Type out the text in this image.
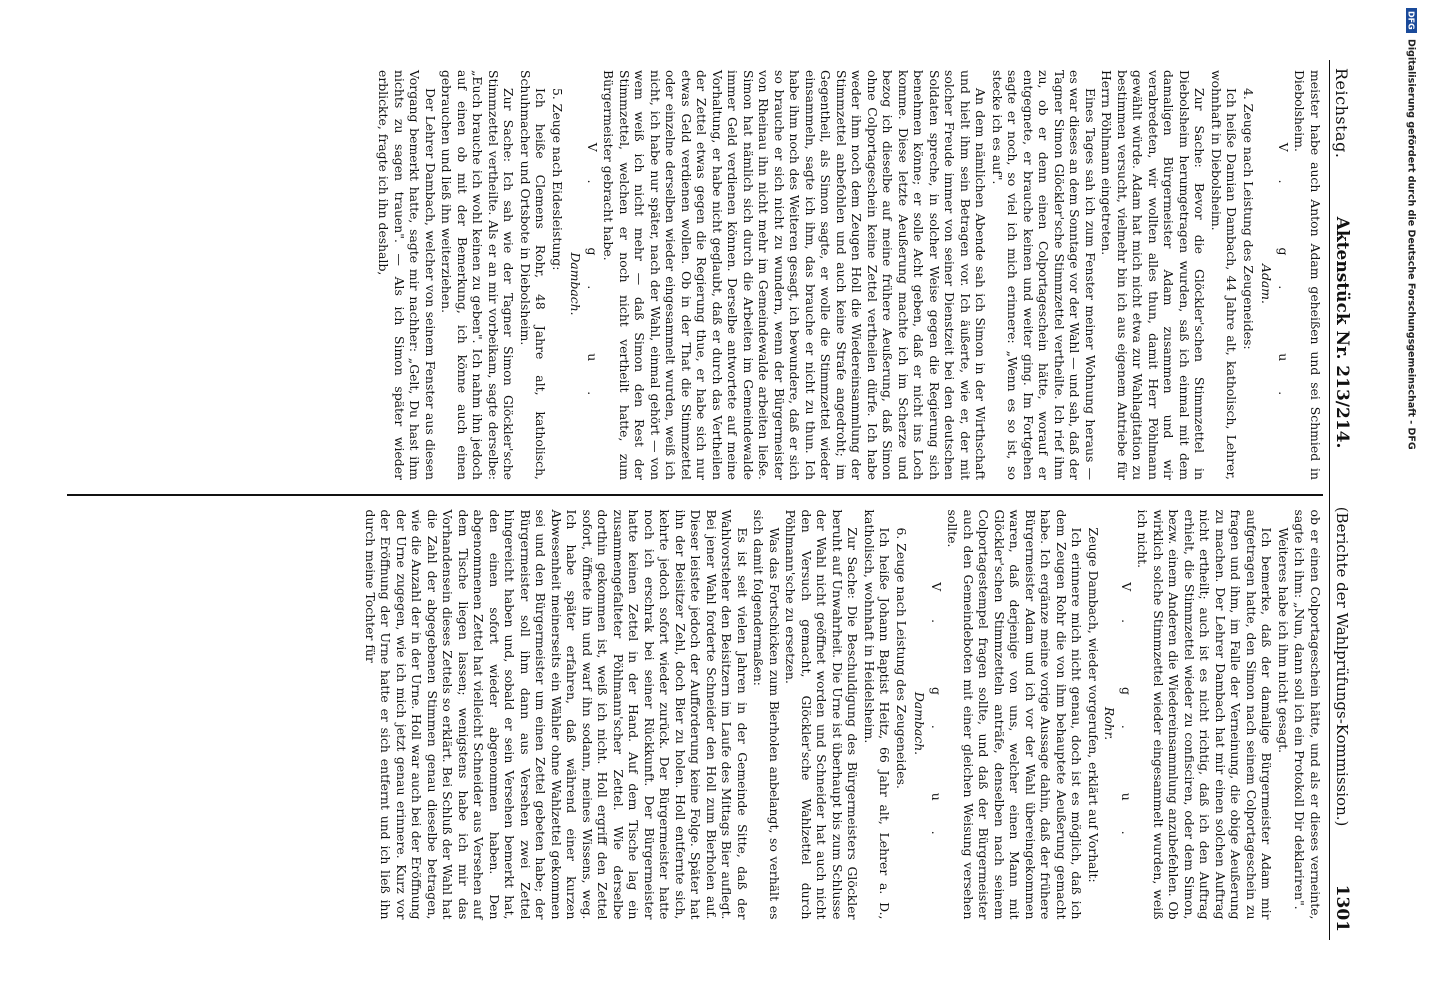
DFG
Digitalisierung gefördert durch die Deutsche Forschungsgemeinschaft - DFG
Reichstag.
Aktenstück Nr. 213/214.
(Berichte der Wahlprüfungs-Kommission.)
1301

meister habe auch Anton Adam geheißen und sei Schmied in Diebolsheim.

V. g. u.

Adam.

4. Zeuge nach Leistung des Zeugeneides:

Ich heiße Damian Dambach, 44 Jahre alt, katholisch, Lehrer, wohnhaft in Diebolsheim.

Zur Sache: Bevor die Glöckler'schen Stimmzettel in Diebolsheim herumgetragen wurden, saß ich einmal mit dem damaligen Bürgermeister Adam zusammen und wir verabredeten, wir wollten alles thun, damit Herr Pöhlmann gewählt würde. Adam hat mich nicht etwa zur Wahlagitation zu bestimmen versucht, vielmehr bin ich aus eigenem Antriebe für Herrn Pöhlmann eingetreten.

Eines Tages sah ich zum Fenster meiner Wohnung heraus — es war dieses an dem Sonntage vor der Wahl — und sah, daß der Tagner Simon Glöckler'sche Stimmzettel vertheilte. Ich rief ihm zu, ob er denn einen Colportageschein hätte, worauf er entgegnete, er brauche keinen und weiter ging. Im Fortgehen sagte er noch, so viel ich mich erinnere: „Wenn es so ist, so stecke ich es auf".

An dem nämlichen Abende sah ich Simon in der Wirthschaft und hielt ihm sein Betragen vor. Ich äußerte, wie er, der mit solcher Freude immer von seiner Dienstzeit bei den deutschen Soldaten spreche, in solcher Weise gegen die Regierung sich benehmen könne; er solle Acht geben, daß er nicht ins Loch komme. Diese letzte Aeußerung machte ich im Scherze und bezog ich dieselbe auf meine frühere Aeußerung, daß Simon ohne Colportageschein keine Zettel vertheilen dürfe. Ich habe weder ihm noch dem Zeugen Holl die Wiedereinsammlung der Stimmzettel anbefohlen und auch keine Strafe angedroht; im Gegentheil, als Simon sagte, er wolle die Stimmzettel wieder einsammeln, sagte ich ihm, das brauche er nicht zu thun. Ich habe ihm noch des Weiteren gesagt, ich bewundere, daß er sich so brauche er sich nicht zu wundern, wenn der Bürgermeister von Rheinau ihn nicht mehr im Gemeindewalde arbeiten ließe. Simon hat nämlich sich durch die Arbeiten im Gemeindewalde immer Geld verdienen können. Derselbe antwortete auf meine Vorhaltung, er habe nicht geglaubt, daß er durch das Vertheilen der Zettel etwas gegen die Regierung thue, er habe sich nur etwas Geld verdienen wollen. Ob in der That die Stimmzettel oder einzelne derselben wieder eingesammelt wurden, weiß ich nicht, ich habe nur später, nach der Wahl, einmal gehört — von wem weiß ich nicht mehr — daß Simon den Rest der Stimmzettel, welchen er noch nicht vertheilt hatte, zum Bürgermeister gebracht habe.

V. g. u.

Dambach.

5. Zeuge nach Eidesleistung:

Ich heiße Clemens Rohr, 48 Jahre alt, katholisch, Schuhmacher und Ortsbote in Diebolsheim.

Zur Sache: Ich sah wie der Tagner Simon Glöckler'sche Stimmzettel vertheilte. Als er an mir vorbeikam, sagte derselbe: „Euch brauche ich wohl keinen zu geben". Ich nahm ihn jedoch auf einen ob mit der Bemerkung, ich könne auch einen gebrauchen und ließ ihn weiterziehen.

Der Lehrer Dambach, welcher von seinem Fenster aus diesen Vorgang bemerkt hatte, sagte mir nachher: „Gelt, Du hast ihm nichts zu sagen trauen". — Als ich Simon später wieder erblickte, fragte ich ihn deshalb,

ob er einen Colportageschein hätte, und als er dieses verneinte, sagte ich ihm: „Nun, dann soll ich ein Protokoll Dir deklariren".

Weiteres habe ich ihm nicht gesagt.

Ich bemerke, daß der damalige Bürgermeister Adam mir aufgetragen hatte, den Simon nach seinem Colportageschein zu fragen und ihm, im Falle der Verneinung, die obige Aeußerung zu machen. Der Lehrer Dambach hat mir einen solchen Auftrag nicht ertheilt; auch ist es nicht richtig, daß ich den Auftrag erhielt, die Stimmzettel wieder zu confisciren, oder dem Simon, bezw. einem Anderen die Wiedereinsammlung anzubefehlen. Ob wirklich solche Stimmzettel wieder eingesammelt wurden, weiß ich nicht.

V. g. u.

Rohr.

Zeuge Dambach, wieder vorgerufen, erklärt auf Vorhalt:

Ich erinnere mich nicht genau, doch ist es möglich, daß ich dem Zeugen Rohr die von ihm behauptete Aeußerung gemacht habe. Ich ergänze meine vorige Aussage dahin, daß der frühere Bürgermeister Adam und ich vor der Wahl übereingekommen waren, daß derjenige von uns, welcher einen Mann mit Glöckler'schen Stimmzetteln anträfe, denselben nach seinem Colportagestempel fragen sollte, und daß der Bürgermeister auch den Gemeindeboten mit einer gleichen Weisung versehen sollte.

V. g. u.

Dambach.

6. Zeuge nach Leistung des Zeugeneides.

Ich heiße Johann Baptist Heitz, 66 Jahr alt, Lehrer a. D., katholisch, wohnhaft in Heidelsheim.

Zur Sache: Die Beschuldigung des Bürgermeisters Glöckler beruht auf Unwahrheit. Die Urne ist überhaupt bis zum Schlusse der Wahl nicht geöffnet worden und Schneider hat auch nicht den Versuch gemacht, Glöckler'sche Wahlzettel durch Pöhlmann'sche zu ersetzen.

Was das Fortschicken zum Bierholen anbelangt, so verhält es sich damit folgendermaßen:

Es ist seit vielen Jahren in der Gemeinde Sitte, daß der Wahlvorsteher den Beisitzern im Laufe des Mittags Bier auflegt. Bei jener Wahl forderte Schneider den Holl zum Bierholen auf. Dieser leistete jedoch der Aufforderung keine Folge. Später hat ihn der Beisitzer Zehl, doch Bier zu holen. Holl entfernte sich, kehrte jedoch sofort wieder zurück. Der Bürgermeister hatte noch ich erschrak bei seiner Rückkunft. Der Bürgermeister hatte keinen Zettel in der Hand. Auf dem Tische lag ein zusammengefalteter Pöhlmann'scher Zettel. Wie derselbe dorthin gekommen ist, weiß ich nicht. Holl ergriff den Zettel sofort, öffnete ihn und warf ihn sodann, meines Wissens, weg. Ich habe später erfahren, daß während einer kurzen Abwesenheit meinerseits ein Wähler ohne Wahlzettel gekommen sei und den Bürgermeister um einen Zettel gebeten habe; der Bürgermeister soll ihm dann aus Versehen zwei Zettel hingereicht haben und, sobald er sein Versehen bemerkt hat, den einen sofort wieder abgenommen haben. Den abgenommenen Zettel hat vielleicht Schneider aus Versehen auf dem Tische liegen lassen; wenigstens habe ich mir das Vorhandensein dieses Zettels so erklärt. Bei Schluß der Wahl hat die Zahl der abgegebenen Stimmen genau dieselbe betragen, wie die Anzahl der in der Urne. Holl war auch bei der Eröffnung der Urne zugegen, wie ich mich jetzt genau erinnere. Kurz vor der Eröffnung der Urne hatte er sich entfernt und ich ließ ihn durch meine Tochter für
